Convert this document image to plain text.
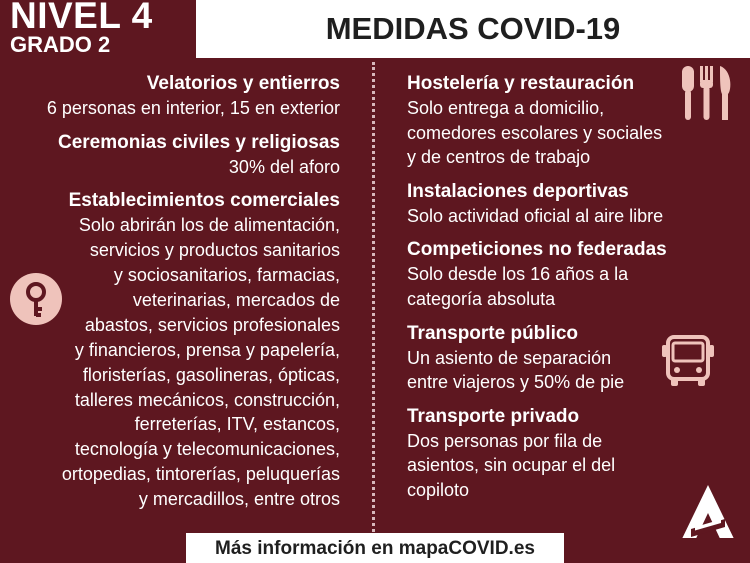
NIVEL 4
GRADO 2	MEDIDAS COVID-19
Velatorios y entierros
6 personas en interior, 15 en exterior
Ceremonias civiles y religiosas
30% del aforo
Establecimientos comerciales
Solo abrirán los de alimentación,
servicios y productos sanitarios
y sociosanitarios, farmacias,
veterinarias, mercados de
abastos, servicios profesionales
y financieros, prensa y papelería,
floristerías, gasolineras, ópticas,
talleres mecánicos, construcción,
ferreterías, ITV, estancos,
tecnología y telecomunicaciones,
ortopedias, tintorerías, peluquerías
y mercadillos, entre otros
Hostelería y restauración
Solo entrega a domicilio,
comedores escolares y sociales
y de centros de trabajo
Instalaciones deportivas
Solo actividad oficial al aire libre
Competiciones no federadas
Solo desde los 16 años a la
categoría absoluta
Transporte público
Un asiento de separación
entre viajeros y 50% de pie
Transporte privado
Dos personas por fila de
asientos, sin ocupar el del
copiloto
Más información en mapaCOVID.es
